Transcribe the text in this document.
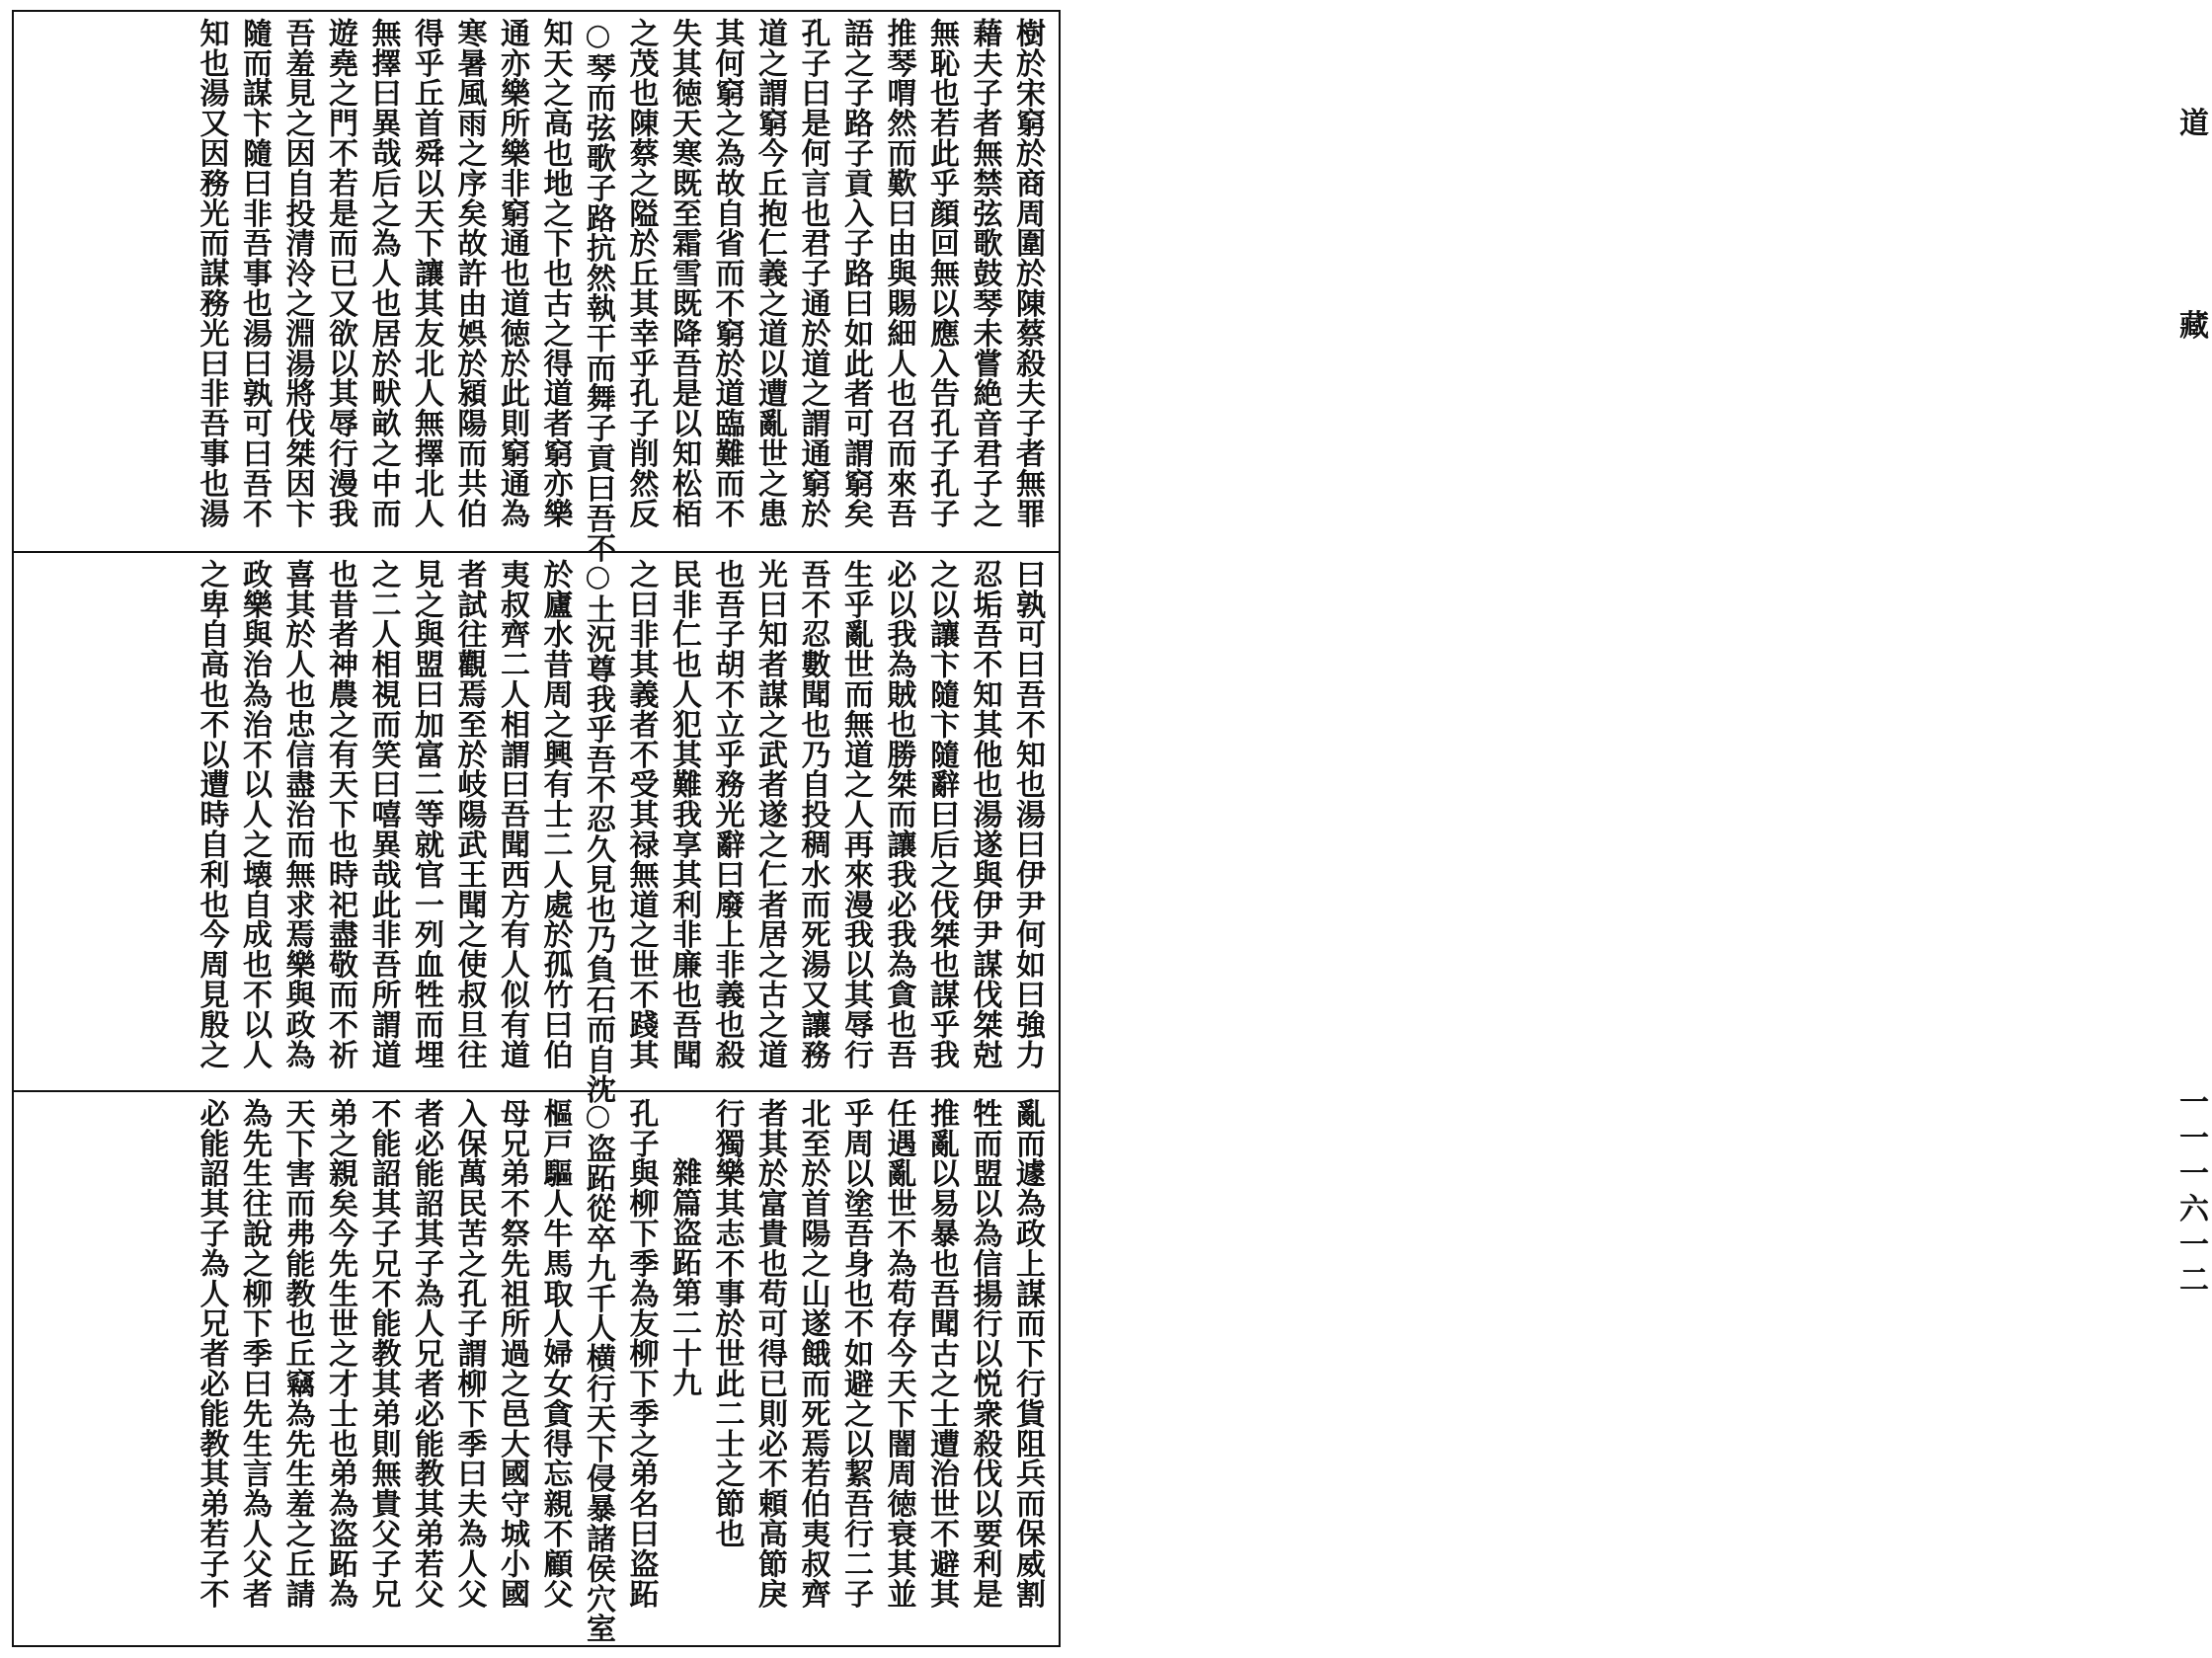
道
藏
一一一六一二
樹於宋窮於商周圍於陳蔡殺夫子者無罪
藉夫子者無禁弦歌鼓琴未嘗絶音君子之
無恥也若此乎顔回無以應入告孔子孔子
推琴喟然而歎曰由與賜細人也召而來吾
語之子路子貢入子路曰如此者可謂窮矣
孔子曰是何言也君子通於道之謂通窮於
道之謂窮今丘抱仁義之道以遭亂世之患
其何窮之為故自省而不窮於道臨難而不
失其徳天寒既至霜雪既降吾是以知松栢
之茂也陳蔡之隘於丘其幸乎孔子削然反
○琴而弦歌子路抗然執干而舞子貢曰吾不
知天之高也地之下也古之得道者窮亦樂
通亦樂所樂非窮通也道徳於此則窮通為
寒暑風雨之序矣故許由娯於潁陽而共伯
得乎丘首舜以天下讓其友北人無擇北人
無擇曰異哉后之為人也居於畎畝之中而
遊堯之門不若是而已又欲以其辱行漫我
吾羞見之因自投清泠之淵湯將伐桀因卞
隨而謀卞隨曰非吾事也湯曰孰可曰吾不
知也湯又因務光而謀務光曰非吾事也湯
曰孰可曰吾不知也湯曰伊尹何如曰強力
忍垢吾不知其他也湯遂與伊尹謀伐桀尅
之以讓卞隨卞隨辭曰后之伐桀也謀乎我
必以我為賊也勝桀而讓我必我為貪也吾
生乎亂世而無道之人再來漫我以其辱行
吾不忍數聞也乃自投稠水而死湯又讓務
光曰知者謀之武者遂之仁者居之古之道
也吾子胡不立乎務光辭曰廢上非義也殺
民非仁也人犯其難我享其利非廉也吾聞
之曰非其義者不受其禄無道之世不踐其
○土況尊我乎吾不忍久見也乃負石而自沈
於廬水昔周之興有士二人處於孤竹曰伯
夷叔齊二人相謂曰吾聞西方有人似有道
者試往觀焉至於岐陽武王聞之使叔旦往
見之與盟曰加富二等就官一列血牲而埋
之二人相視而笑曰嘻異哉此非吾所謂道
也昔者神農之有天下也時祀盡敬而不祈
喜其於人也忠信盡治而無求焉樂與政為
政樂與治為治不以人之壊自成也不以人
之卑自高也不以遭時自利也今周見殷之
亂而遽為政上謀而下行貨阻兵而保威割
牲而盟以為信揚行以悦衆殺伐以要利是
推亂以易暴也吾聞古之士遭治世不避其
任遇亂世不為苟存今天下闇周徳衰其並
乎周以塗吾身也不如避之以絜吾行二子
北至於首陽之山遂餓而死焉若伯夷叔齊
者其於富貴也苟可得已則必不頼高節戾
行獨樂其志不事於世此二士之節也
雜篇盗跖第二十九
孔子與柳下季為友柳下季之弟名曰盗跖
○盗跖從卒九千人横行天下侵暴諸侯穴室
樞戸驅人牛馬取人婦女貪得忘親不顧父
母兄弟不祭先祖所過之邑大國守城小國
入保萬民苦之孔子謂柳下季曰夫為人父
者必能詔其子為人兄者必能教其弟若父
不能詔其子兄不能教其弟則無貴父子兄
弟之親矣今先生世之才士也弟為盗跖為
天下害而弗能教也丘竊為先生羞之丘請
為先生往說之柳下季曰先生言為人父者
必能詔其子為人兄者必能教其弟若子不
